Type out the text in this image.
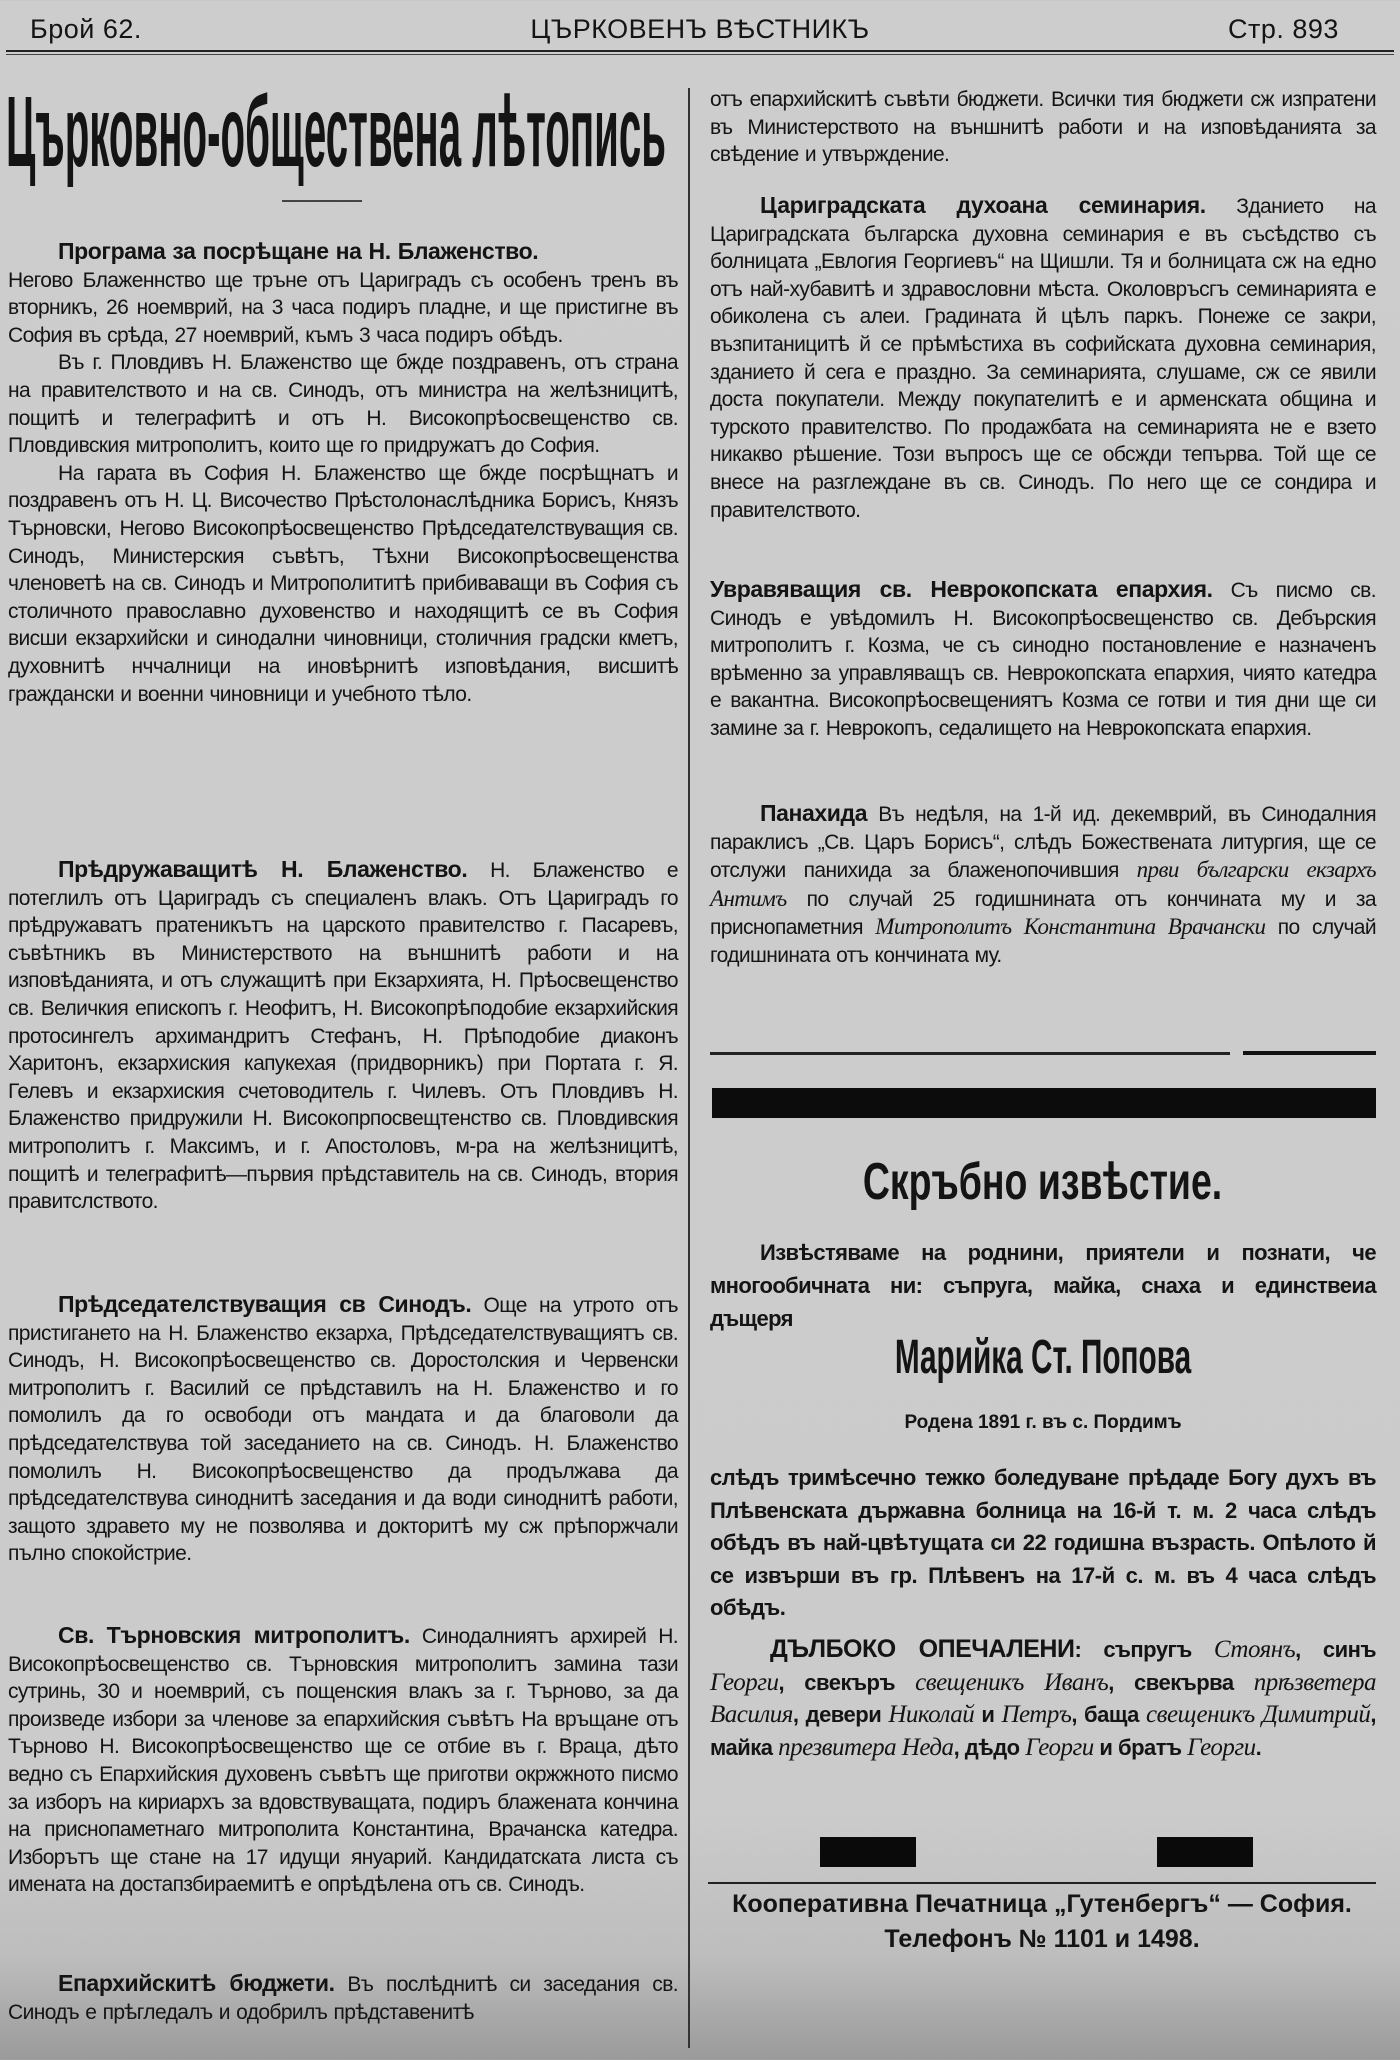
Брой 62.	ЦЪРКОВЕНЪ ВѢСТНИКЪ	Стр. 893
Църковно-обществена лѣтопись

Програма за посрѣщане на Н. Блаженство.

Негово Блаженнство ще тръне отъ Цариградъ съ особенъ тренъ въ вторникъ, 26 ноемврий, на 3 часа подиръ пладне, и ще пристигне въ София въ срѣда, 27 ноемврий, къмъ 3 часа подиръ обѣдъ.

Въ г. Пловдивъ Н. Блаженство ще бжде поздравенъ, отъ страна на правителството и на св. Синодъ, отъ министра на желѣзницитѣ, пощитѣ и телеграфитѣ и отъ Н. Високопрѣосвещенство св. Пловдивския митрополитъ, които ще го придружатъ до София.

На гарата въ София Н. Блаженство ще бжде посрѣщнатъ и поздравенъ отъ Н. Ц. Височество Прѣстолонаслѣдника Борисъ, Князъ Търновски, Негово Високопрѣосвещенство Прѣдседателствуващия св. Синодъ, Министерския съвѣтъ, Тѣхни Високопрѣосвещенства членоветѣ на св. Синодъ и Митрополититѣ прибиваващи въ София съ столичното православно духовенство и находящитѣ се въ София висши екзархийски и синодални чиновници, столичния градски кметъ, духовнитѣ нччалници на иновѣрнитѣ изповѣдания, висшитѣ граждански и военни чиновници и учебното тѣло.

Прѣдружаващитѣ Н. Блаженство. Н. Блаженство е потеглилъ отъ Цариградъ съ специаленъ влакъ. Отъ Цариградъ го прѣдружаватъ пратеникътъ на царското правителство г. Пасаревъ, съвѣтникъ въ Министерството на външнитѣ работи и на изповѣданията, и отъ служащитѣ при Екзархията, Н. Прѣосвещенство св. Величкия епископъ г. Неофитъ, Н. Високопрѣподобие екзархийския протосингелъ архимандритъ Стефанъ, Н. Прѣподобие диаконъ Харитонъ, екзархиския капукехая (придворникъ) при Портата г. Я. Гелевъ и екзархиския счетоводитель г. Чилевъ. Отъ Пловдивъ Н. Блаженство придружили Н. Високопрпосвещтенство св. Пловдивския митрополитъ г. Максимъ, и г. Апостоловъ, м-ра на желѣзницитѣ, пощитѣ и телеграфитѣ—първия прѣдставитель на св. Синодъ, втория правитслството.

Прѣдседателствуващия св Синодъ. Още на утрото отъ пристигането на Н. Блаженство екзарха, Прѣдседателствуващиятъ св. Синодъ, Н. Високопрѣосвещенство св. Доростолския и Червенски митрополитъ г. Василий се прѣдставилъ на Н. Блаженство и го помолилъ да го освободи отъ мандата и да благоволи да прѣдседателствува той заседанието на св. Синодъ. Н. Блаженство помолилъ Н. Високопрѣосвещенство да продължава да прѣдседателствува синоднитѣ заседания и да води синоднитѣ работи, защото здравето му не позволява и докторитѣ му сж прѣпоржчали пълно спокойстрие.

Св. Търновския митрополитъ. Синодалниятъ архирей Н. Високопрѣосвещенство св. Търновския митрополитъ замина тази сутринь, 30 и ноемврий, съ пощенския влакъ за г. Търново, за да произведе избори за членове за епархийския съвѣтъ На връщане отъ Търново Н. Високопрѣосвещенство ще се отбие въ г. Враца, дѣто ведно съ Епархийския духовенъ съвѣтъ ще приготви окржжното писмо за изборъ на кириархъ за вдовствуващата, подиръ блажената кончина на приснопаметнаго митрополита Константина, Врачанска катедра. Изборътъ ще стане на 17 идущи януарий. Кандидатската листа съ имената на достапзбираемитѣ е опрѣдѣлена отъ св. Синодъ.

Епархийскитѣ бюджети. Въ послѣднитѣ си заседания св. Синодъ е прѣгледалъ и одобрилъ прѣдставенитѣ

отъ епархийскитѣ съвѣти бюджети. Всички тия бюджети сж изпратени въ Министерството на външнитѣ работи и на изповѣданията за свѣдение и утвърждение.

Цариградската духоана семинария. Зданието на Цариградската българска духовна семинария е въ съсѣдство съ болницата „Евлогия Георгиевъ“ на Щишли. Тя и болницата сж на едно отъ най-хубавитѣ и здравословни мѣста. Околовръсгъ семинарията е обиколена съ алеи. Градината й цѣлъ паркъ. Понеже се закри, възпитаницитѣ й се прѣмѣстиха въ софийската духовна семинария, зданието й сега е праздно. За семинарията, слушаме, сж се явили доста покупатели. Между покупателитѣ е и арменската община и турското правителство. По продажбата на семинарията не е взето никакво рѣшение. Този въпросъ ще се обсжди тепърва. Той ще се внесе на разглеждане въ св. Синодъ. По него ще се сондира и правителството.

Увравяващия св. Неврокопската епархия. Съ писмо св. Синодъ е увѣдомилъ Н. Високопрѣосвещенство св. Дебърския митрополитъ г. Козма, че съ синодно постановление е назначенъ врѣменно за управляващъ св. Неврокопската епархия, чиято катедра е вакантна. Високопрѣосвещениятъ Козма се готви и тия дни ще си замине за г. Неврокопъ, седалището на Неврокопската епархия.

Панахида Въ недѣля, на 1-й ид. декемврий, въ Синодалния параклисъ „Св. Царъ Борисъ“, слѣдъ Божествената литургия, ще се отслужи панихида за блаженопочившия први български екзархъ Антимъ по случай 25 годишнината отъ кончината му и за приснопаметния Митрополитъ Константина Врачански по случай годишнината отъ кончината му.

Скръбно извѣстие.

Извѣстяваме на роднини, приятели и познати, че многообичната ни: съпруга, майка, снаха и единствеиа дъщеря

Марийка Ст. Попова
Родена 1891 г. въ с. Пордимъ

слѣдъ тримѣсечно тежко боледуване прѣдаде Богу духъ въ Плѣвенската държавна болница на 16-й т. м. 2 часа слѣдъ обѣдъ въ най-цвѣтущата си 22 годишна възрасть. Опѣлото й се извърши въ гр. Плѣвенъ на 17-й с. м. въ 4 часа слѣдъ обѣдъ.

ДЪЛБОКО ОПЕЧАЛЕНИ: съпругъ Стоянъ, синъ Георги, свекъръ свещеникъ Иванъ, свекърва прѣзветера Василия, девери Николай и Петръ, баща свещеникъ Димитрий, майка презвитера Неда, дѣдо Георги и братъ Георги.

Кооперативна Печатница „Гутенбергъ“ — София.
Телефонъ № 1101 и 1498.
